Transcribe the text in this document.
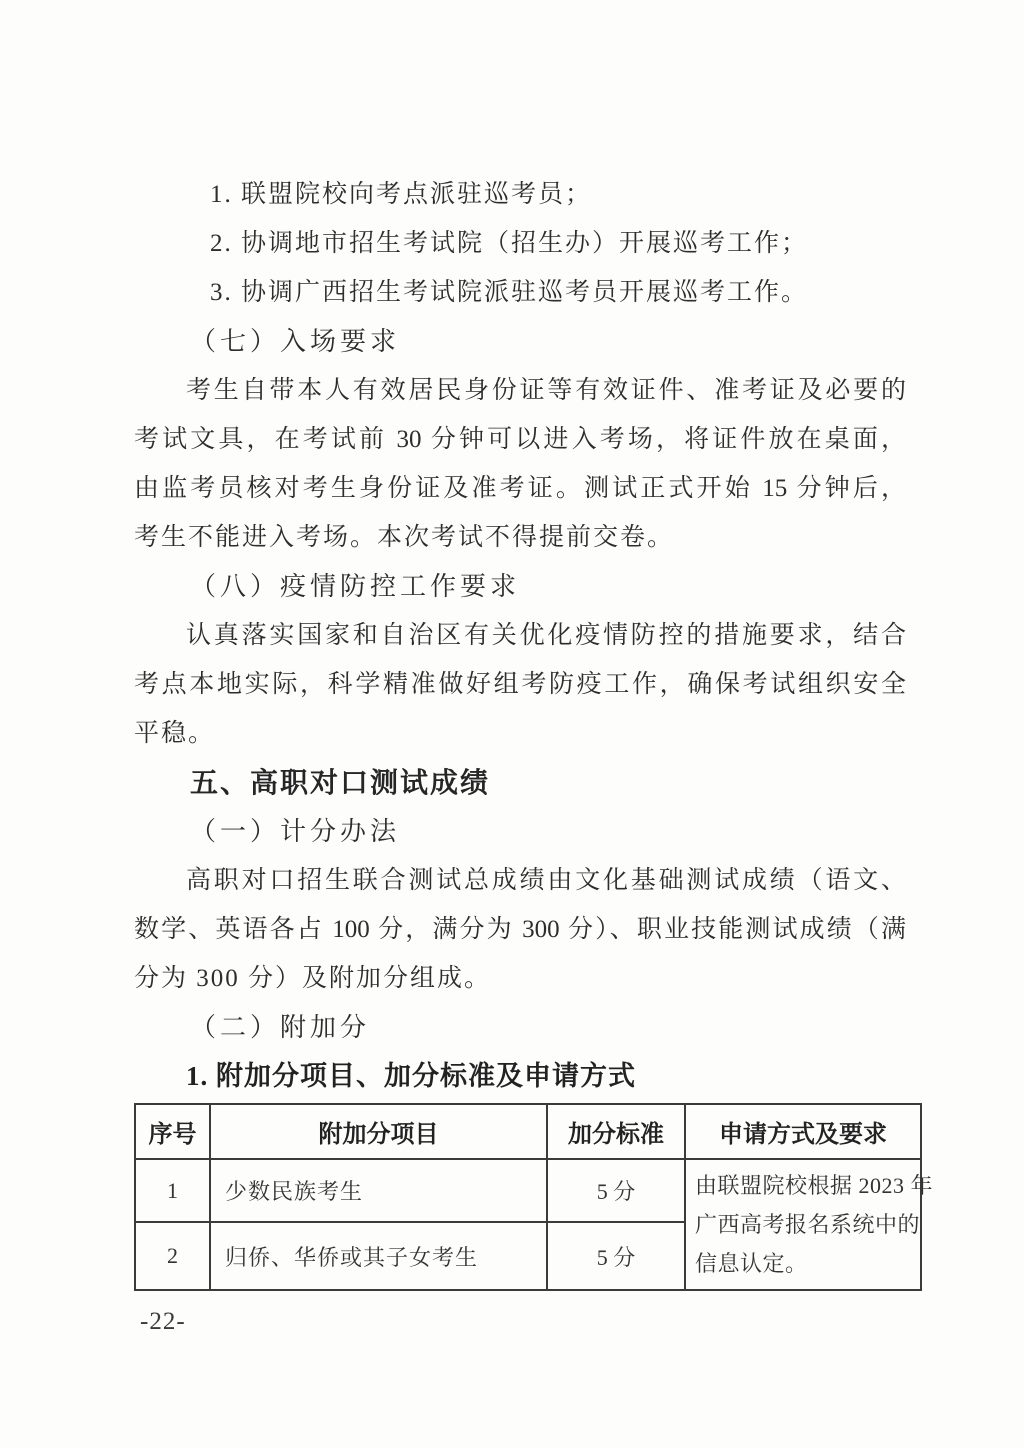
1. 联盟院校向考点派驻巡考员；
2. 协调地市招生考试院（招生办）开展巡考工作；
3. 协调广西招生考试院派驻巡考员开展巡考工作。
（七）入场要求
考生自带本人有效居民身份证等有效证件、准考证及必要的
考试文具，在考试前 30 分钟可以进入考场，将证件放在桌面，
由监考员核对考生身份证及准考证。测试正式开始 15 分钟后，
考生不能进入考场。本次考试不得提前交卷。
（八）疫情防控工作要求
认真落实国家和自治区有关优化疫情防控的措施要求，结合
考点本地实际，科学精准做好组考防疫工作，确保考试组织安全
平稳。
五、高职对口测试成绩
（一）计分办法
高职对口招生联合测试总成绩由文化基础测试成绩（语文、
数学、英语各占 100 分，满分为 300 分）、职业技能测试成绩（满
分为 300 分）及附加分组成。
（二）附加分
1. 附加分项目、加分标准及申请方式
序号	附加分项目	加分标准	申请方式及要求
1	少数民族考生	5 分	由联盟院校根据 2023 年
广西高考报名系统中的
信息认定。

2	归侨、华侨或其子女考生	5 分	
-22-
